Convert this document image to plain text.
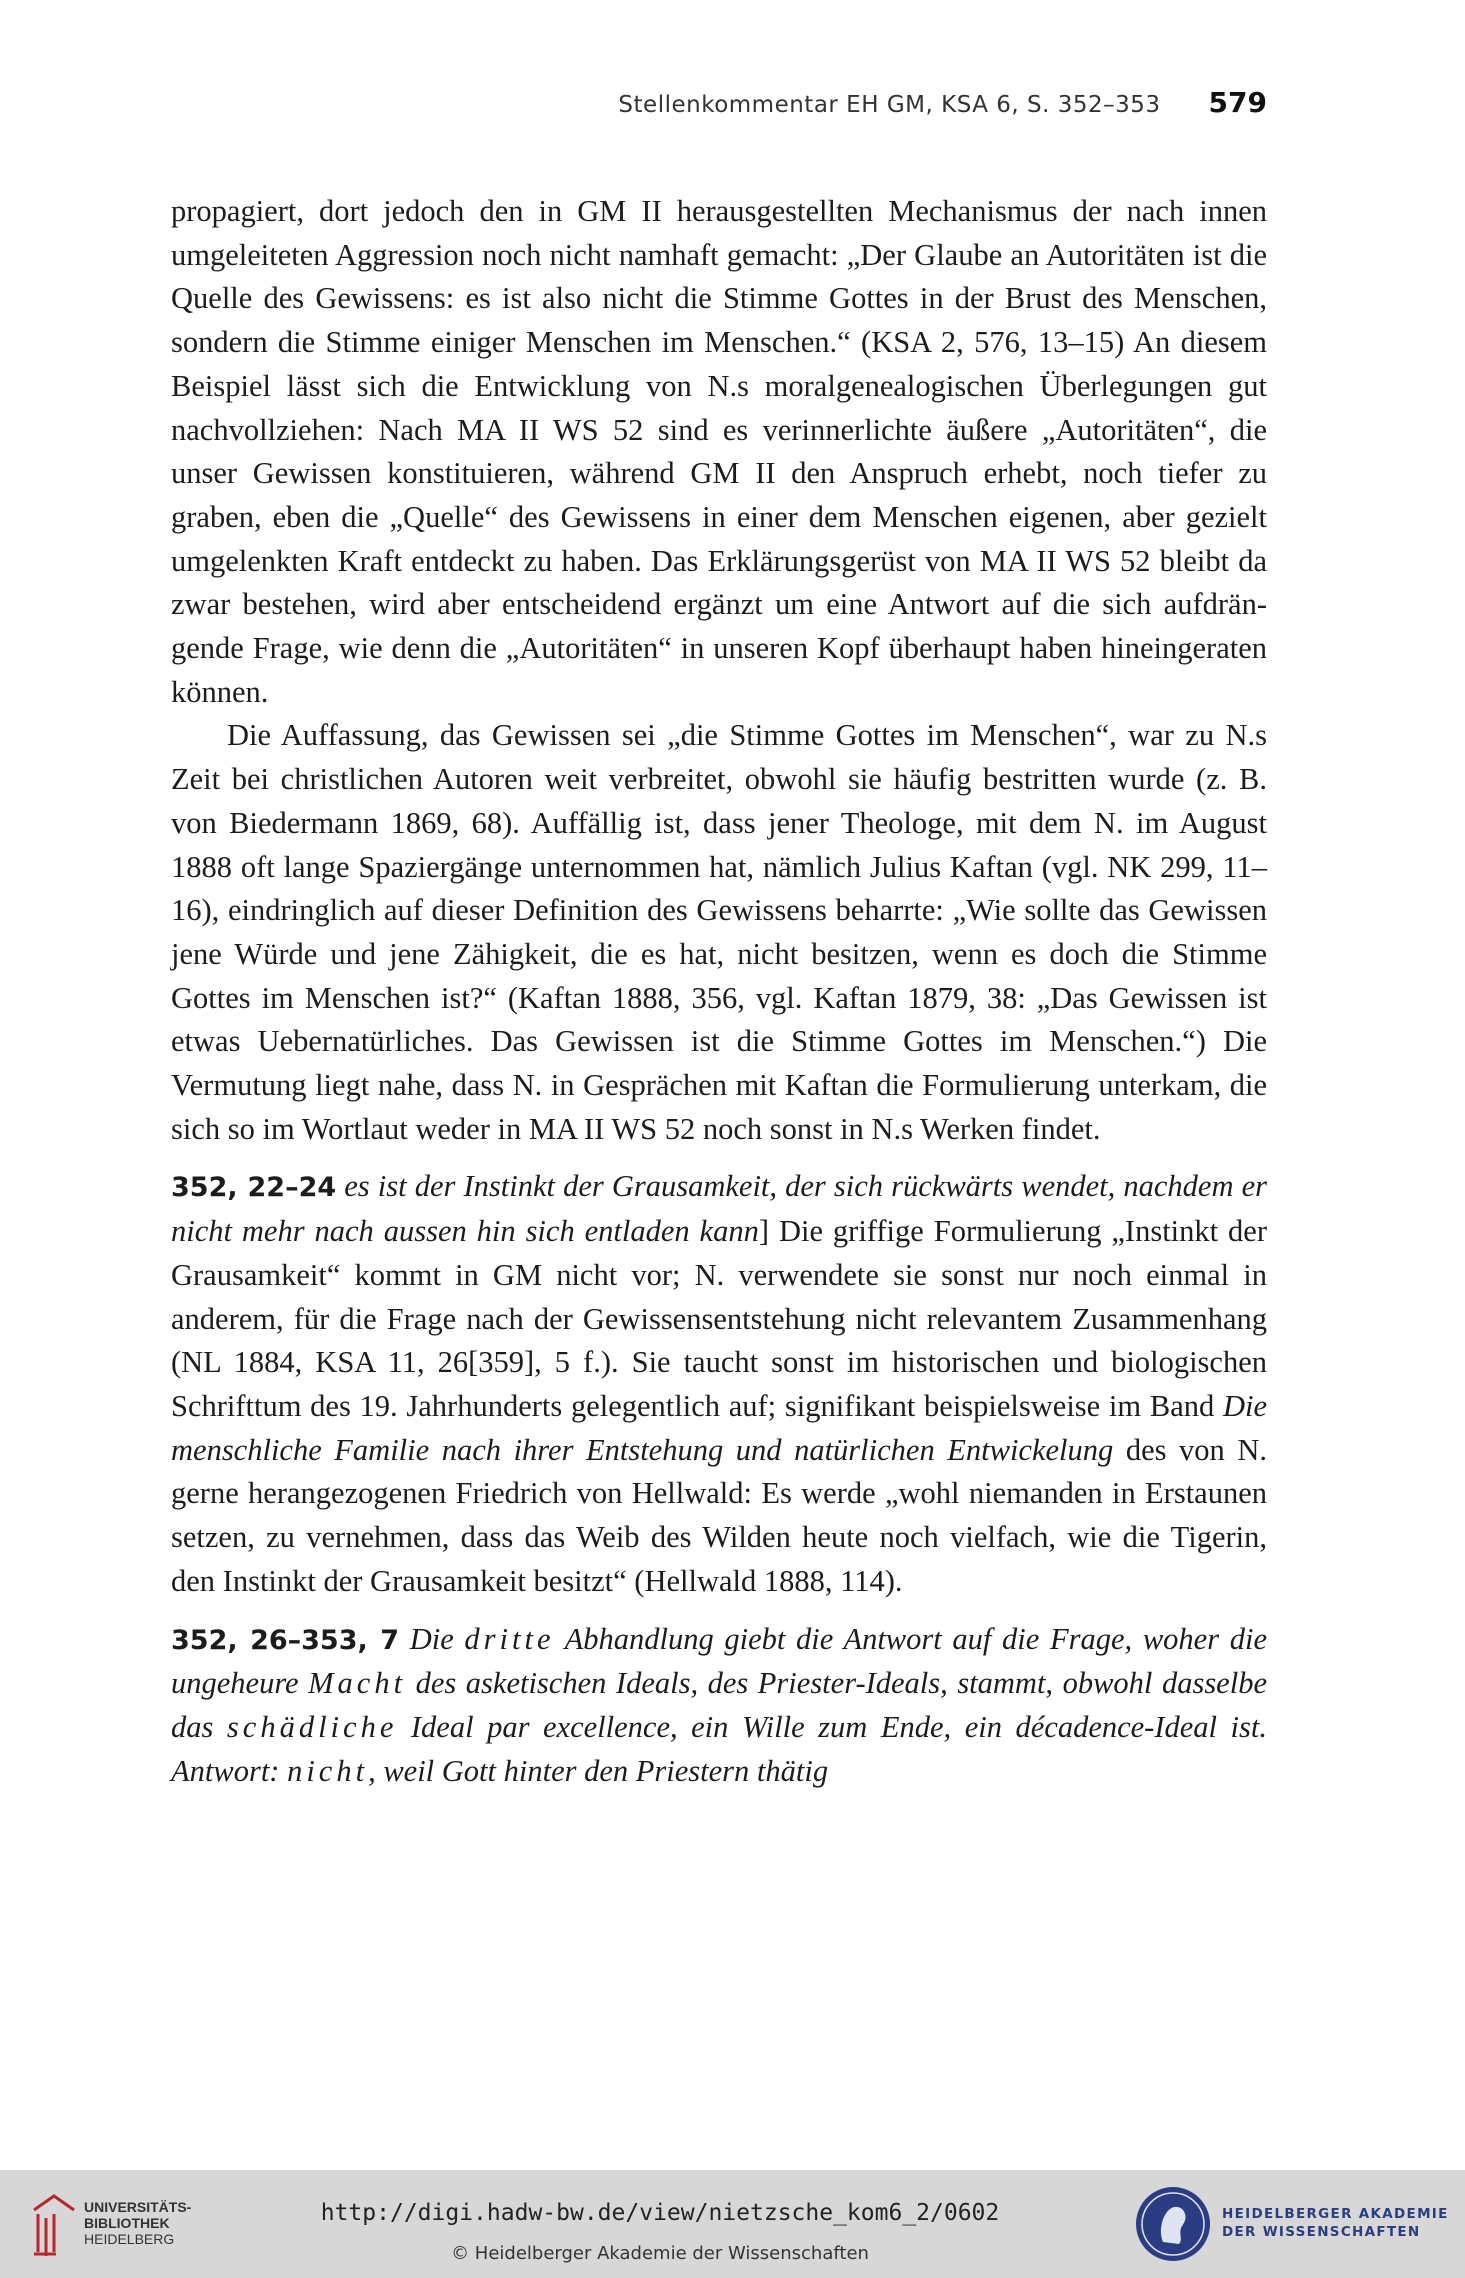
Stellenkommentar EH GM, KSA 6, S. 352–353 579

propagiert, dort jedoch den in GM II herausgestellten Mechanismus der nach innen umgeleiteten Aggression noch nicht namhaft gemacht: „Der Glaube an Autoritäten ist die Quelle des Gewissens: es ist also nicht die Stimme Gottes in der Brust des Menschen, sondern die Stimme einiger Menschen im Menschen.“ (KSA 2, 576, 13–15) An diesem Beispiel lässt sich die Entwicklung von N.s moralgenealogischen Überlegungen gut nachvollziehen: Nach MA II WS 52 sind es verinnerlichte äußere „Autoritäten“, die unser Gewissen konstituieren, während GM II den Anspruch erhebt, noch tiefer zu graben, eben die „Quelle“ des Gewissens in einer dem Menschen eigenen, aber gezielt umgelenkten Kraft entdeckt zu haben. Das Erklärungsgerüst von MA II WS 52 bleibt da zwar bestehen, wird aber entscheidend ergänzt um eine Antwort auf die sich aufdrängende Frage, wie denn die „Autoritäten“ in unseren Kopf überhaupt haben hineingeraten können.

Die Auffassung, das Gewissen sei „die Stimme Gottes im Menschen“, war zu N.s Zeit bei christlichen Autoren weit verbreitet, obwohl sie häufig bestritten wurde (z. B. von Biedermann 1869, 68). Auffällig ist, dass jener Theologe, mit dem N. im August 1888 oft lange Spaziergänge unternommen hat, nämlich Julius Kaftan (vgl. NK 299, 11–16), eindringlich auf dieser Definition des Gewissens beharrte: „Wie sollte das Gewissen jene Würde und jene Zähigkeit, die es hat, nicht besitzen, wenn es doch die Stimme Gottes im Menschen ist?“ (Kaftan 1888, 356, vgl. Kaftan 1879, 38: „Das Gewissen ist etwas Uebernatürliches. Das Gewissen ist die Stimme Gottes im Menschen.“) Die Vermutung liegt nahe, dass N. in Gesprächen mit Kaftan die Formulierung unterkam, die sich so im Wortlaut weder in MA II WS 52 noch sonst in N.s Werken findet.

352, 22–24 es ist der Instinkt der Grausamkeit, der sich rückwärts wendet, nachdem er nicht mehr nach aussen hin sich entladen kann] Die griffige Formulierung „Instinkt der Grausamkeit“ kommt in GM nicht vor; N. verwendete sie sonst nur noch einmal in anderem, für die Frage nach der Gewissensentstehung nicht relevantem Zusammenhang (NL 1884, KSA 11, 26[359], 5 f.). Sie taucht sonst im historischen und biologischen Schrifttum des 19. Jahrhunderts gelegentlich auf; signifikant beispielsweise im Band Die menschliche Familie nach ihrer Entstehung und natürlichen Entwickelung des von N. gerne herangezogenen Friedrich von Hellwald: Es werde „wohl niemanden in Erstaunen setzen, zu vernehmen, dass das Weib des Wilden heute noch vielfach, wie die Tigerin, den Instinkt der Grausamkeit besitzt“ (Hellwald 1888, 114).

352, 26–353, 7 Die dritte Abhandlung giebt die Antwort auf die Frage, woher die ungeheure Macht des asketischen Ideals, des Priester-Ideals, stammt, obwohl dasselbe das schädliche Ideal par excellence, ein Wille zum Ende, ein décadence-Ideal ist. Antwort: nicht, weil Gott hinter den Priestern thätig

UNIVERSITÄTS-
BIBLIOTHEK
HEIDELBERG
http://digi.hadw-bw.de/view/nietzsche_kom6_2/0602
© Heidelberger Akademie der Wissenschaften
HEIDELBERGER AKADEMIE
DER WISSENSCHAFTEN
